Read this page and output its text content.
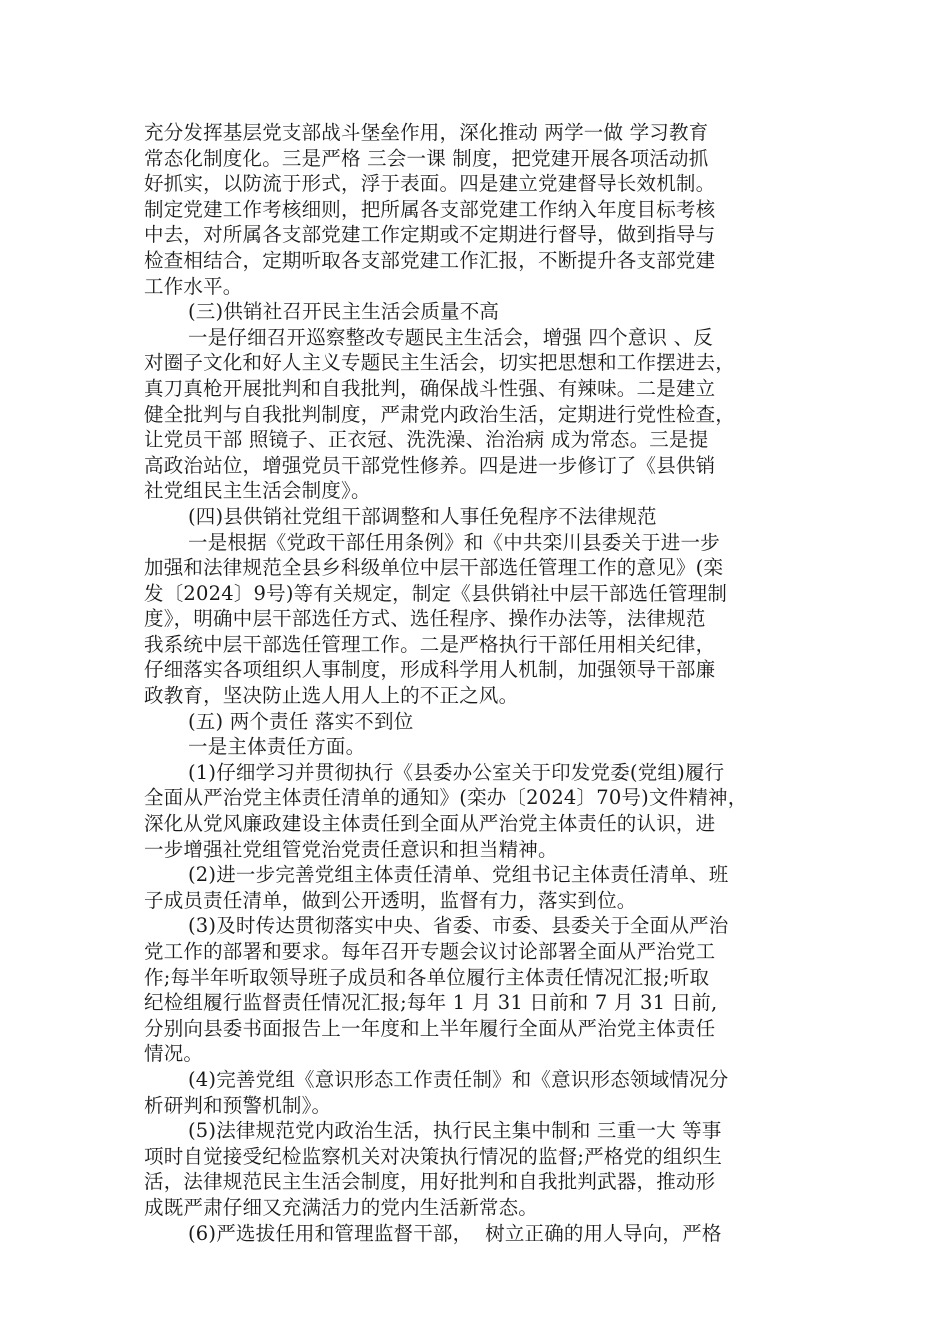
充分发挥基层党支部战斗堡垒作用，深化推动 两学一做 学习教育
常态化制度化。三是严格 三会一课 制度，把党建开展各项活动抓
好抓实，以防流于形式，浮于表面。四是建立党建督导长效机制。
制定党建工作考核细则，把所属各支部党建工作纳入年度目标考核
中去，对所属各支部党建工作定期或不定期进行督导，做到指导与
检查相结合，定期听取各支部党建工作汇报，不断提升各支部党建
工作水平。
(三)供销社召开民主生活会质量不高
一是仔细召开巡察整改专题民主生活会，增强 四个意识 、反
对圈子文化和好人主义专题民主生活会，切实把思想和工作摆进去，
真刀真枪开展批判和自我批判，确保战斗性强、有辣味。二是建立
健全批判与自我批判制度，严肃党内政治生活，定期进行党性检查，
让党员干部 照镜子、正衣冠、洗洗澡、治治病 成为常态。三是提
高政治站位，增强党员干部党性修养。四是进一步修订了《县供销
社党组民主生活会制度》。
(四)县供销社党组干部调整和人事任免程序不法律规范
一是根据《党政干部任用条例》和《中共栾川县委关于进一步
加强和法律规范全县乡科级单位中层干部选任管理工作的意见》(栾
发〔2024〕9号)等有关规定，制定《县供销社中层干部选任管理制
度》，明确中层干部选任方式、选任程序、操作办法等，法律规范
我系统中层干部选任管理工作。二是严格执行干部任用相关纪律，
仔细落实各项组织人事制度，形成科学用人机制，加强领导干部廉
政教育，坚决防止选人用人上的不正之风。
(五) 两个责任 落实不到位
一是主体责任方面。
(1)仔细学习并贯彻执行《县委办公室关于印发党委(党组)履行
全面从严治党主体责任清单的通知》(栾办〔2024〕70号)文件精神，
深化从党风廉政建设主体责任到全面从严治党主体责任的认识，进
一步增强社党组管党治党责任意识和担当精神。
(2)进一步完善党组主体责任清单、党组书记主体责任清单、班
子成员责任清单，做到公开透明，监督有力，落实到位。
(3)及时传达贯彻落实中央、省委、市委、县委关于全面从严治
党工作的部署和要求。每年召开专题会议讨论部署全面从严治党工
作;每半年听取领导班子成员和各单位履行主体责任情况汇报;听取
纪检组履行监督责任情况汇报;每年 1 月 31 日前和 7 月 31 日前,
分别向县委书面报告上一年度和上半年履行全面从严治党主体责任
情况。
(4)完善党组《意识形态工作责任制》和《意识形态领域情况分
析研判和预警机制》。
(5)法律规范党内政治生活，执行民主集中制和 三重一大 等事
项时自觉接受纪检监察机关对决策执行情况的监督;严格党的组织生
活，法律规范民主生活会制度，用好批判和自我批判武器，推动形
成既严肃仔细又充满活力的党内生活新常态。
(6)严选拔任用和管理监督干部，  树立正确的用人导向，严格
